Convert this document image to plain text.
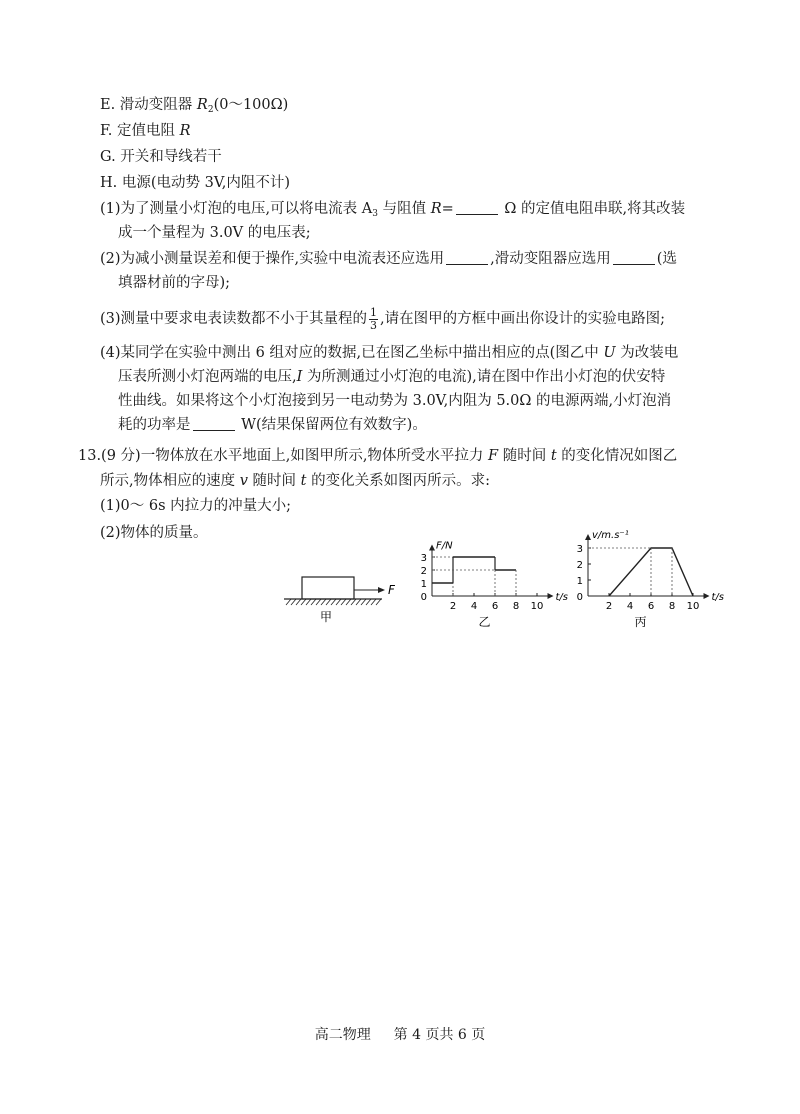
E. 滑动变阻器 $R_2(0\sim 100\Omega)$
F. 定值电阻 R
G. 开关和导线若干
H. 电源(电动势 3V,内阻不计)
(1)为了测量小灯泡的电压,可以将电流表 $A_3$ 与阻值 R=	Ω 的定值电阻串联,将其改装
成一个量程为 3.0V 的电压表;
(2)为减小测量误差和便于操作,实验中电流表还应选用	,滑动变阻器应选用	(选
填器材前的字母);
(3)测量中要求电表读数都不小于其量程的 $\frac{1}{3}$ ,请在图甲的方框中画出你设计的实验电路图;
(4)某同学在实验中测出 6 组对应的数据,已在图乙坐标中描出相应的点(图乙中 U 为改装电
压表所测小灯泡两端的电压,I 为所测通过小灯泡的电流),请在图中作出小灯泡的伏安特
性曲线。如果将这个小灯泡接到另一电动势为 3.0V,内阻为 5.0Ω 的电源两端,小灯泡消
耗的功率是	W(结果保留两位有效数字)。
13.(9 分)一物体放在水平地面上,如图甲所示,物体所受水平拉力 F 随时间 t 的变化情况如图乙
所示,物体相应的速度 v 随时间 t 的变化关系如图丙所示。求:
(1)0～ 6s 内拉力的冲量大小;
(2)物体的质量。
F
甲
0
1
2
3
2 4 6 8 10
t/s
F/N
乙
0
1
2
3
2 4 6 8 10
t/s
v/m.s⁻¹
丙
高二物理 第 4 页共 6 页
